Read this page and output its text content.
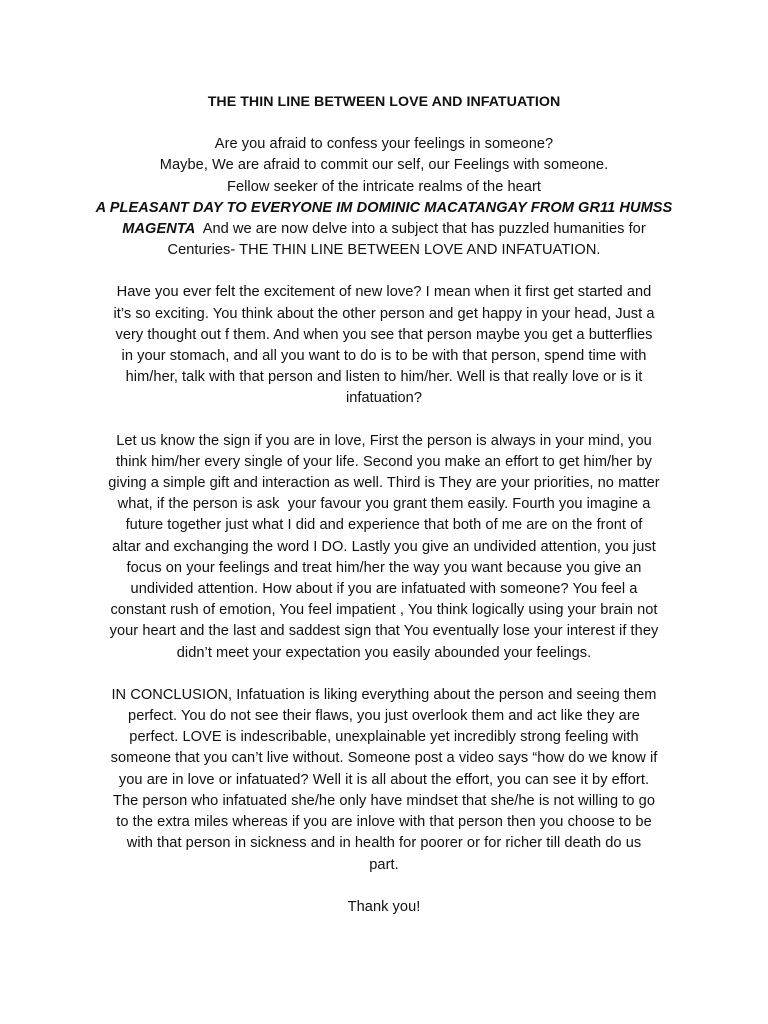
THE THIN LINE BETWEEN LOVE AND INFATUATION
Are you afraid to confess your feelings in someone?
Maybe, We are afraid to commit our self, our Feelings with someone.
Fellow seeker of the intricate realms of the heart
A PLEASANT DAY TO EVERYONE IM DOMINIC MACATANGAY FROM GR11 HUMSS
MAGENTA  And we are now delve into a subject that has puzzled humanities for
Centuries- THE THIN LINE BETWEEN LOVE AND INFATUATION.
Have you ever felt the excitement of new love? I mean when it first get started and
it’s so exciting. You think about the other person and get happy in your head, Just a
very thought out f them. And when you see that person maybe you get a butterflies
in your stomach, and all you want to do is to be with that person, spend time with
him/her, talk with that person and listen to him/her. Well is that really love or is it
infatuation?
Let us know the sign if you are in love, First the person is always in your mind, you
think him/her every single of your life. Second you make an effort to get him/her by
giving a simple gift and interaction as well. Third is They are your priorities, no matter
what, if the person is ask  your favour you grant them easily. Fourth you imagine a
future together just what I did and experience that both of me are on the front of
altar and exchanging the word I DO. Lastly you give an undivided attention, you just
focus on your feelings and treat him/her the way you want because you give an
undivided attention. How about if you are infatuated with someone? You feel a
constant rush of emotion, You feel impatient , You think logically using your brain not
your heart and the last and saddest sign that You eventually lose your interest if they
didn’t meet your expectation you easily abounded your feelings.
IN CONCLUSION, Infatuation is liking everything about the person and seeing them
perfect. You do not see their flaws, you just overlook them and act like they are
perfect. LOVE is indescribable, unexplainable yet incredibly strong feeling with
someone that you can’t live without. Someone post a video says “how do we know if
you are in love or infatuated? Well it is all about the effort, you can see it by effort.
The person who infatuated she/he only have mindset that she/he is not willing to go
to the extra miles whereas if you are inlove with that person then you choose to be
with that person in sickness and in health for poorer or for richer till death do us
part.
Thank you!
